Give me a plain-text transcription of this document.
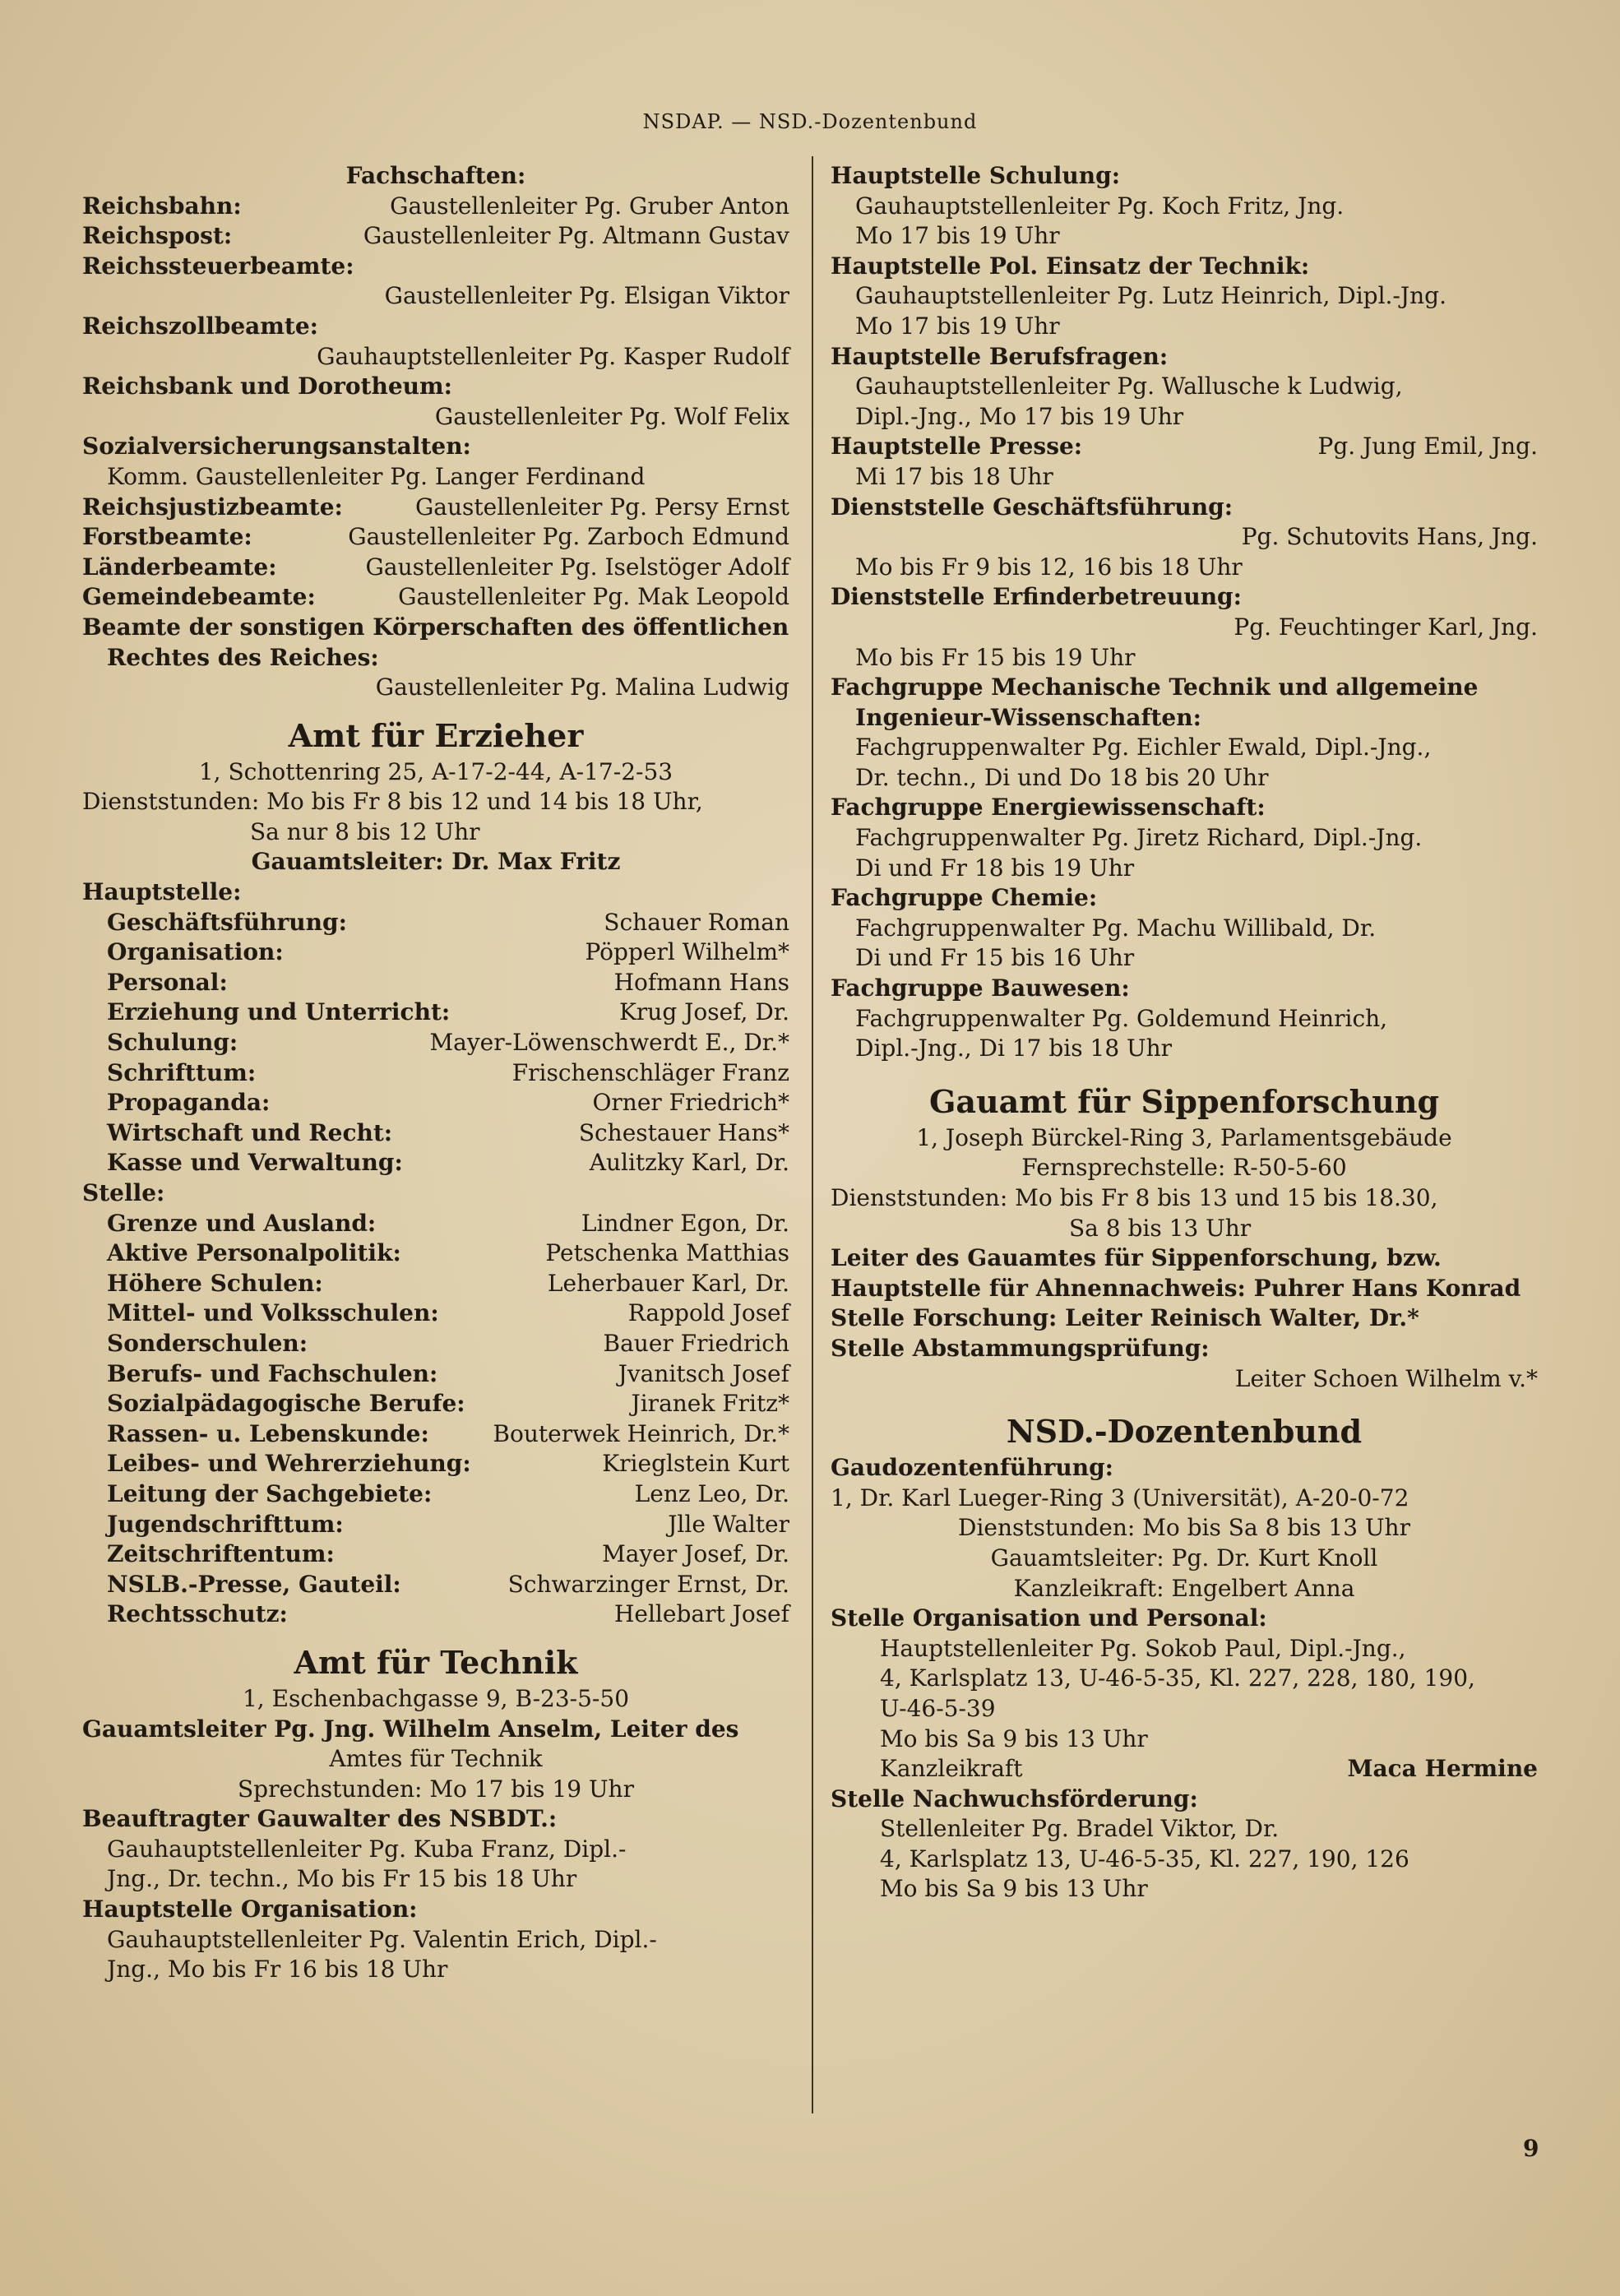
NSDAP. — NSD.-Dozentenbund
Fachschaften:
Reichsbahn:	Gaustellenleiter Pg. Gruber Anton
Reichspost:	Gaustellenleiter Pg. Altmann Gustav
Reichssteuerbeamte:
Gaustellenleiter Pg. Elsigan Viktor
Reichszollbeamte:
Gauhauptstellenleiter Pg. Kasper Rudolf
Reichsbank und Dorotheum:
Gaustellenleiter Pg. Wolf Felix
Sozialversicherungsanstalten:
Komm. Gaustellenleiter Pg. Langer Ferdinand
Reichsjustizbeamte:	Gaustellenleiter Pg. Persy Ernst
Forstbeamte:	Gaustellenleiter Pg. Zarboch Edmund
Länderbeamte:	Gaustellenleiter Pg. Iselstöger Adolf
Gemeindebeamte:	Gaustellenleiter Pg. Mak Leopold
Beamte der sonstigen Körperschaften des öffentlichen
Rechtes des Reiches:
Gaustellenleiter Pg. Malina Ludwig
Amt für Erzieher
1, Schottenring 25, A-17-2-44, A-17-2-53
Dienststunden: Mo bis Fr 8 bis 12 und 14 bis 18 Uhr,
Sa nur 8 bis 12 Uhr
Gauamtsleiter: Dr. Max Fritz
Hauptstelle:
Geschäftsführung:	Schauer Roman
Organisation:	Pöpperl Wilhelm*
Personal:	Hofmann Hans
Erziehung und Unterricht:	Krug Josef, Dr.
Schulung:	Mayer-Löwenschwerdt E., Dr.*
Schrifttum:	Frischenschläger Franz
Propaganda:	Orner Friedrich*
Wirtschaft und Recht:	Schestauer Hans*
Kasse und Verwaltung:	Aulitzky Karl, Dr.
Stelle:
Grenze und Ausland:	Lindner Egon, Dr.
Aktive Personalpolitik:	Petschenka Matthias
Höhere Schulen:	Leherbauer Karl, Dr.
Mittel- und Volksschulen:	Rappold Josef
Sonderschulen:	Bauer Friedrich
Berufs- und Fachschulen:	Jvanitsch Josef
Sozialpädagogische Berufe:	Jiranek Fritz*
Rassen- u. Lebenskunde:	Bouterwek Heinrich, Dr.*
Leibes- und Wehrerziehung:	Krieglstein Kurt
Leitung der Sachgebiete:	Lenz Leo, Dr.
Jugendschrifttum:	Jlle Walter
Zeitschriftentum:	Mayer Josef, Dr.
NSLB.-Presse, Gauteil:	Schwarzinger Ernst, Dr.
Rechtsschutz:	Hellebart Josef
Amt für Technik
1, Eschenbachgasse 9, B-23-5-50
Gauamtsleiter Pg. Jng. Wilhelm Anselm, Leiter des
Amtes für Technik
Sprechstunden: Mo 17 bis 19 Uhr
Beauftragter Gauwalter des NSBDT.:
Gauhauptstellenleiter Pg. Kuba Franz, Dipl.-
Jng., Dr. techn., Mo bis Fr 15 bis 18 Uhr
Hauptstelle Organisation:
Gauhauptstellenleiter Pg. Valentin Erich, Dipl.-
Jng., Mo bis Fr 16 bis 18 Uhr
Hauptstelle Schulung:
Gauhauptstellenleiter Pg. Koch Fritz, Jng.
Mo 17 bis 19 Uhr
Hauptstelle Pol. Einsatz der Technik:
Gauhauptstellenleiter Pg. Lutz Heinrich, Dipl.-Jng.
Mo 17 bis 19 Uhr
Hauptstelle Berufsfragen:
Gauhauptstellenleiter Pg. Wallusche k Ludwig,
Dipl.-Jng., Mo 17 bis 19 Uhr
Hauptstelle Presse:	Pg. Jung Emil, Jng.
Mi 17 bis 18 Uhr
Dienststelle Geschäftsführung:
Pg. Schutovits Hans, Jng.
Mo bis Fr 9 bis 12, 16 bis 18 Uhr
Dienststelle Erfinderbetreuung:
Pg. Feuchtinger Karl, Jng.
Mo bis Fr 15 bis 19 Uhr
Fachgruppe Mechanische Technik und allgemeine
Ingenieur-Wissenschaften:
Fachgruppenwalter Pg. Eichler Ewald, Dipl.-Jng.,
Dr. techn., Di und Do 18 bis 20 Uhr
Fachgruppe Energiewissenschaft:
Fachgruppenwalter Pg. Jiretz Richard, Dipl.-Jng.
Di und Fr 18 bis 19 Uhr
Fachgruppe Chemie:
Fachgruppenwalter Pg. Machu Willibald, Dr.
Di und Fr 15 bis 16 Uhr
Fachgruppe Bauwesen:
Fachgruppenwalter Pg. Goldemund Heinrich,
Dipl.-Jng., Di 17 bis 18 Uhr
Gauamt für Sippenforschung
1, Joseph Bürckel-Ring 3, Parlamentsgebäude
Fernsprechstelle: R-50-5-60
Dienststunden: Mo bis Fr 8 bis 13 und 15 bis 18.30,
Sa 8 bis 13 Uhr
Leiter des Gauamtes für Sippenforschung, bzw.
Hauptstelle für Ahnennachweis: Puhrer Hans Konrad
Stelle Forschung: Leiter Reinisch Walter, Dr.*
Stelle Abstammungsprüfung:
Leiter Schoen Wilhelm v.*
NSD.-Dozentenbund
Gaudozentenführung:
1, Dr. Karl Lueger-Ring 3 (Universität), A-20-0-72
Dienststunden: Mo bis Sa 8 bis 13 Uhr
Gauamtsleiter: Pg. Dr. Kurt Knoll
Kanzleikraft: Engelbert Anna
Stelle Organisation und Personal:
Hauptstellenleiter Pg. Sokob Paul, Dipl.-Jng.,
4, Karlsplatz 13, U-46-5-35, Kl. 227, 228, 180, 190,
U-46-5-39
Mo bis Sa 9 bis 13 Uhr
Kanzleikraft	Maca Hermine
Stelle Nachwuchsförderung:
Stellenleiter Pg. Bradel Viktor, Dr.
4, Karlsplatz 13, U-46-5-35, Kl. 227, 190, 126
Mo bis Sa 9 bis 13 Uhr
9
